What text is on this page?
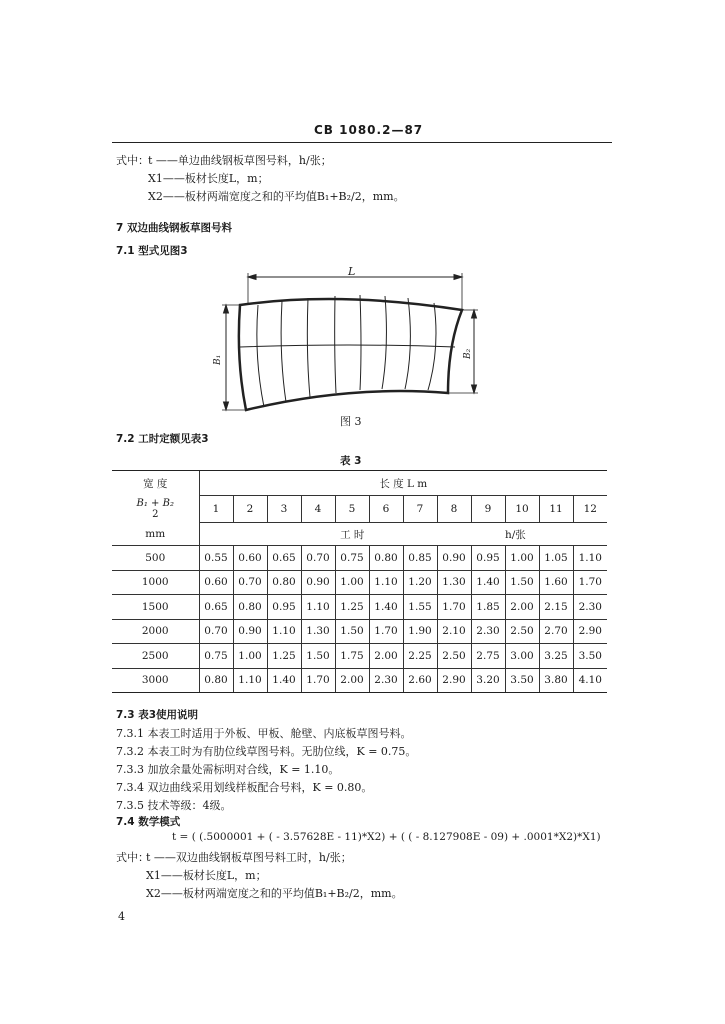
CB 1080.2—87
式中： t ——单边曲线钢板草图号料，h/张；
X1——板材长度L，m；
X2——板材两端宽度之和的平均值B₁+B₂/2，mm。
7 双边曲线钢板草图号料
7.1 型式见图3
L
B₁
B₂
图 3
7.2 工时定额见表3
表 3
宽 度	长 度 L m											

B₁ + B₂
2	1	2	3	4	5	6	7	8	9	10	11	12
mm	工 时									h/张		
500	0.55	0.60	0.65	0.70	0.75	0.80	0.85	0.90	0.95	1.00	1.05	1.10
1000	0.60	0.70	0.80	0.90	1.00	1.10	1.20	1.30	1.40	1.50	1.60	1.70
1500	0.65	0.80	0.95	1.10	1.25	1.40	1.55	1.70	1.85	2.00	2.15	2.30
2000	0.70	0.90	1.10	1.30	1.50	1.70	1.90	2.10	2.30	2.50	2.70	2.90
2500	0.75	1.00	1.25	1.50	1.75	2.00	2.25	2.50	2.75	3.00	3.25	3.50
3000	0.80	1.10	1.40	1.70	2.00	2.30	2.60	2.90	3.20	3.50	3.80	4.10
7.3 表3使用说明
7.3.1 本表工时适用于外板、甲板、舱壁、内底板草图号料。
7.3.2 本表工时为有肋位线草图号料。无肋位线，K = 0.75。
7.3.3 加放余量处需标明对合线，K = 1.10。
7.3.4 双边曲线采用划线样板配合号料，K = 0.80。
7.3.5 技术等级：4级。
7.4 数学模式
t = ( (.5000001 + ( - 3.57628E - 11)*X2) + ( ( - 8.127908E - 09) + .0001*X2)*X1)
式中：
t ——双边曲线钢板草图号料工时，h/张；
X1——板材长度L，m；
X2——板材两端宽度之和的平均值B₁+B₂/2，mm。
4
